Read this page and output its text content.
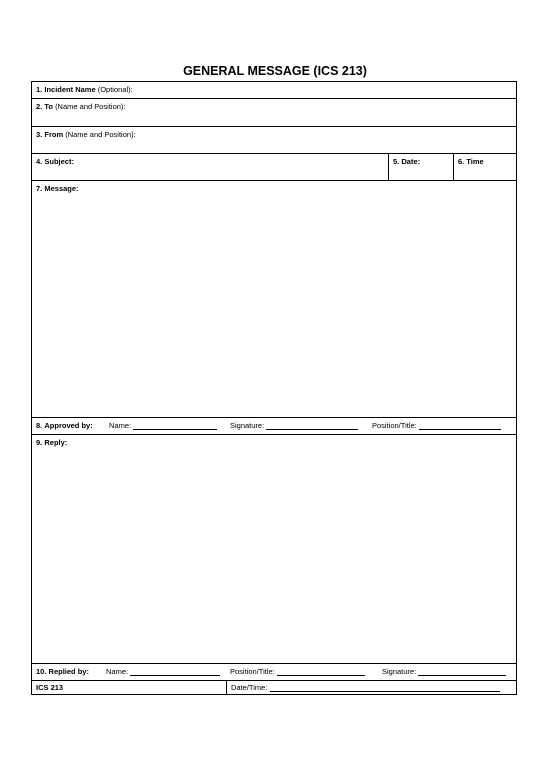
GENERAL MESSAGE (ICS 213)
1. Incident Name (Optional):
2. To (Name and Position):
3. From (Name and Position):
4. Subject:	5. Date:	6. Time
7. Message:
8. Approved by: Name:	Signature:	Position/Title:
9. Reply:
10. Replied by: Name:	Position/Title:	Signature:
ICS 213	Date/Time:
